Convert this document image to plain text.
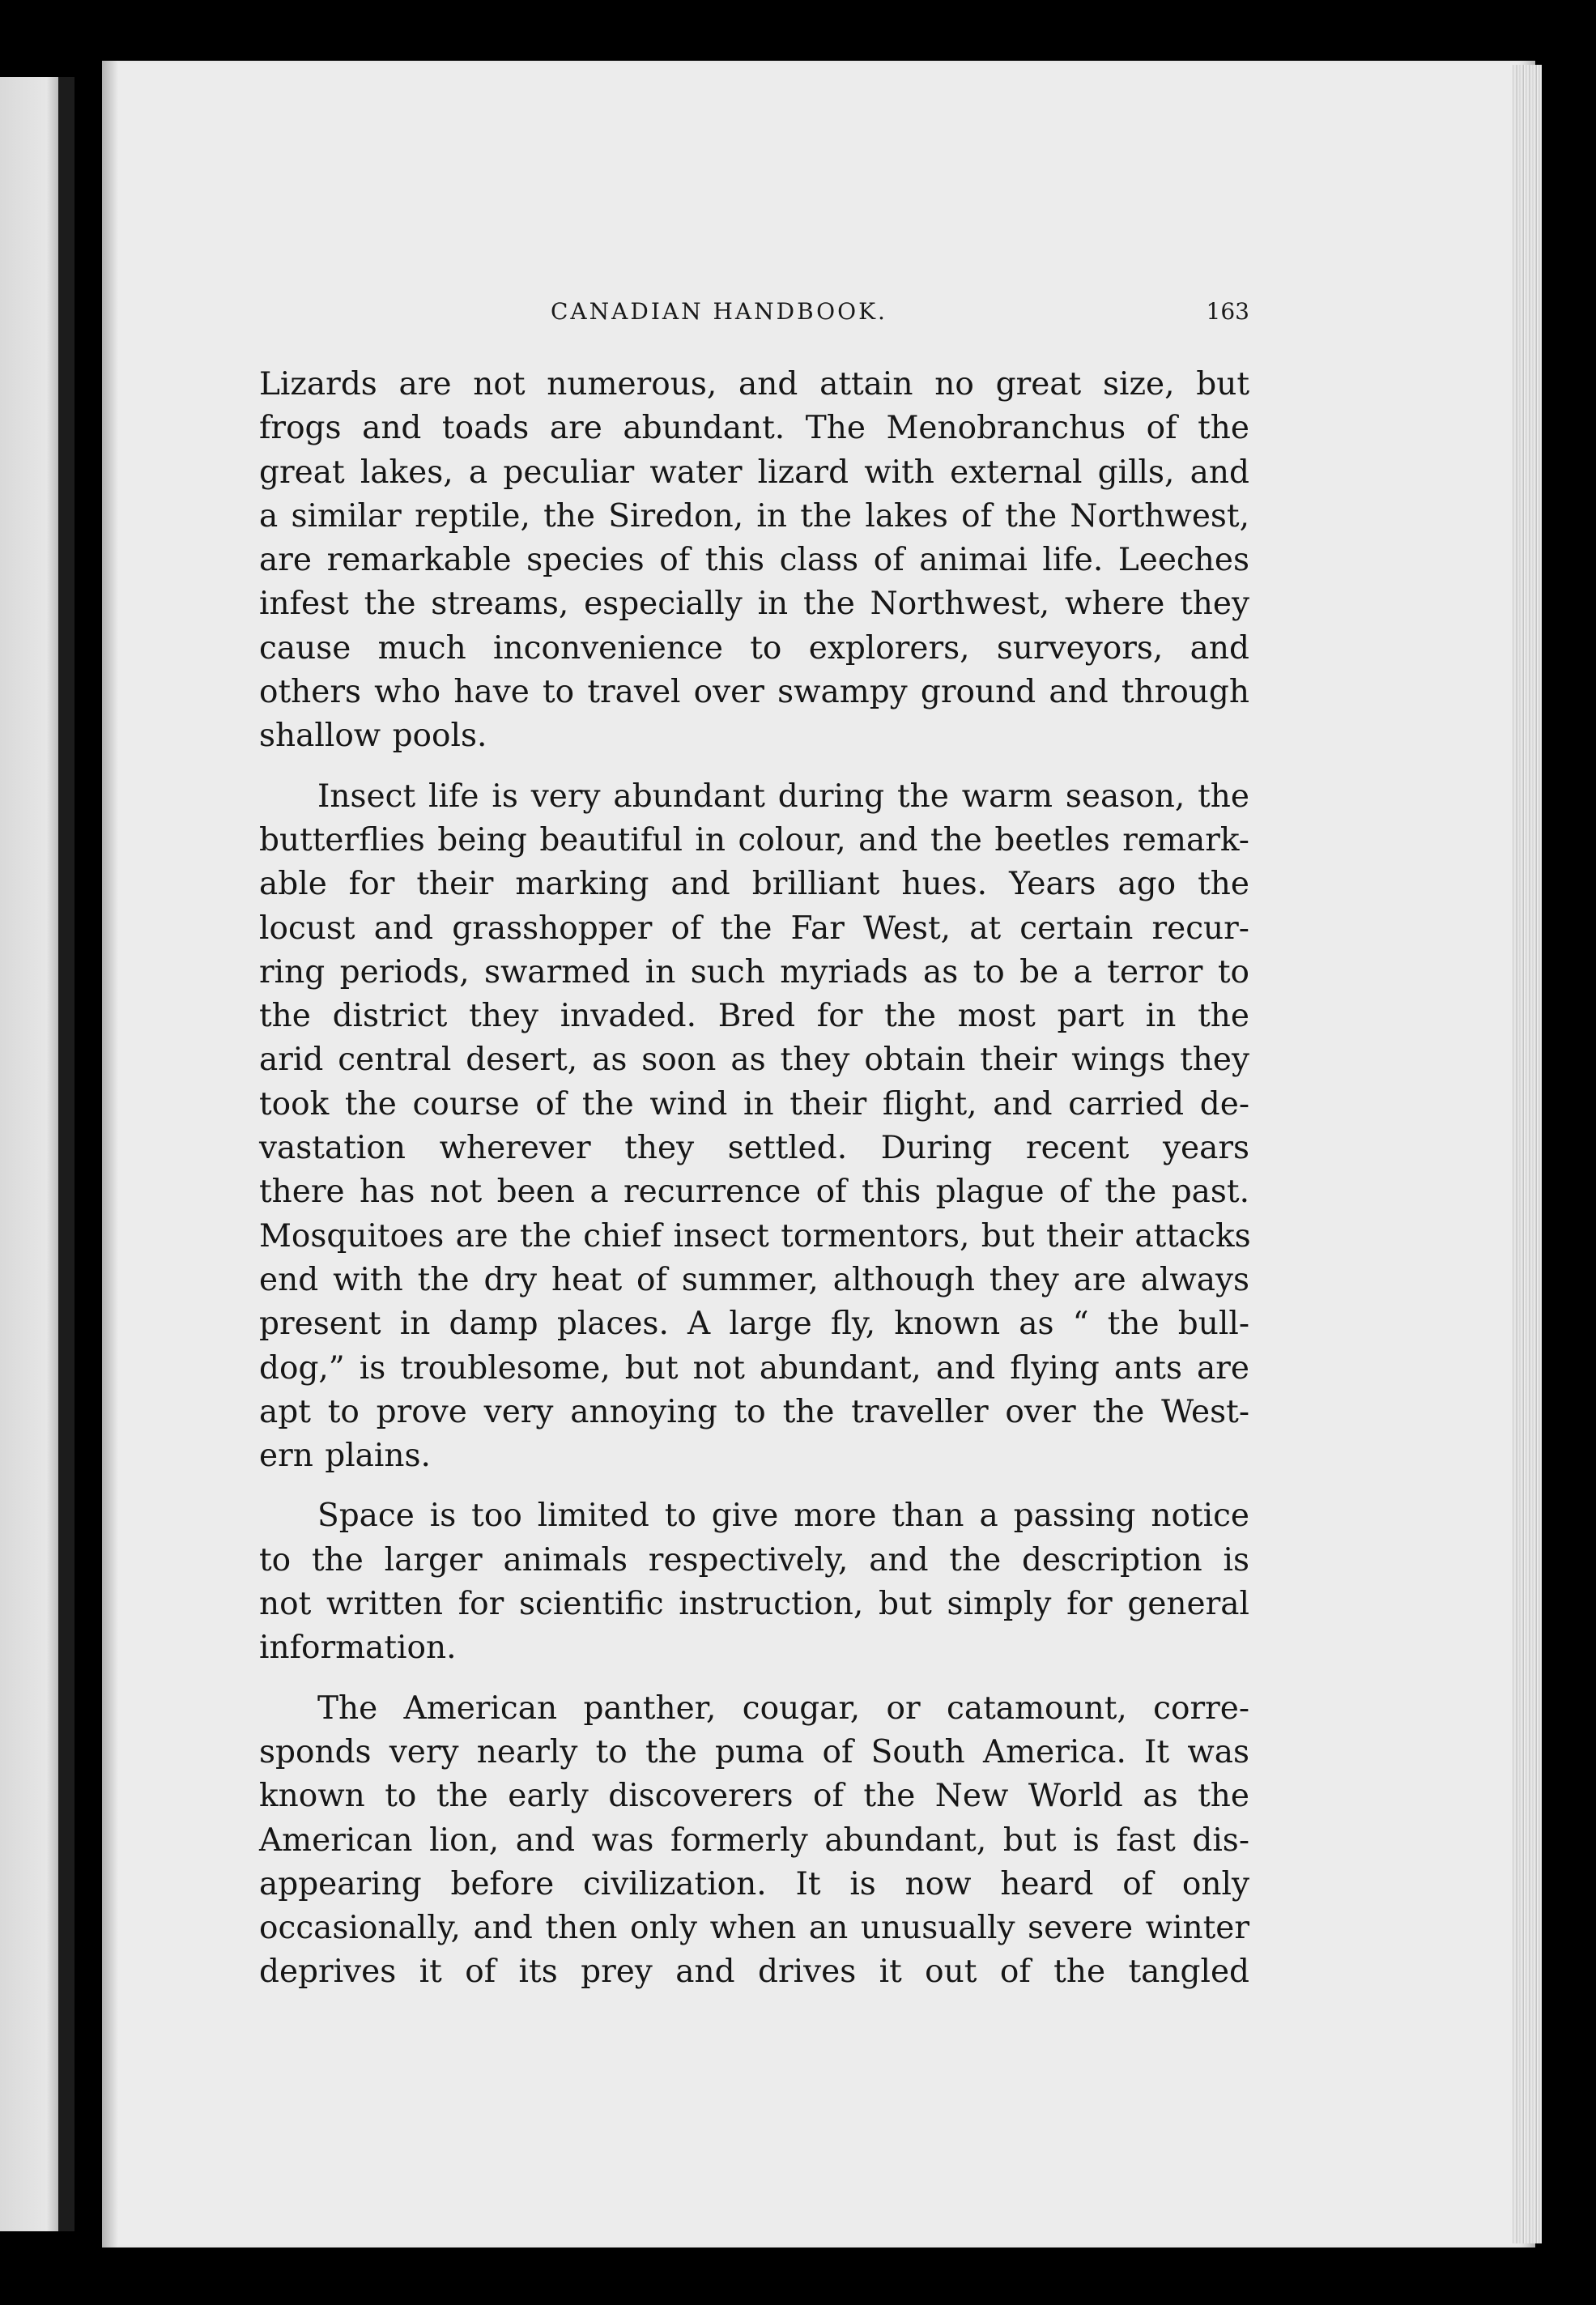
CANADIAN HANDBOOK.	163

Lizards are not numerous, and attain no great size, but
frogs and toads are abundant. The Menobranchus of the
great lakes, a peculiar water lizard with external gills, and
a similar reptile, the Siredon, in the lakes of the Northwest,
are remarkable species of this class of animai life. Leeches
infest the streams, especially in the Northwest, where they
cause much inconvenience to explorers, surveyors, and
others who have to travel over swampy ground and through
shallow pools.

Insect life is very abundant during the warm season, the
butterflies being beautiful in colour, and the beetles remark-
able for their marking and brilliant hues. Years ago the
locust and grasshopper of the Far West, at certain recur-
ring periods, swarmed in such myriads as to be a terror to
the district they invaded. Bred for the most part in the
arid central desert, as soon as they obtain their wings they
took the course of the wind in their flight, and carried de-
vastation wherever they settled. During recent years
there has not been a recurrence of this plague of the past.
Mosquitoes are the chief insect tormentors, but their attacks
end with the dry heat of summer, although they are always
present in damp places. A large fly, known as “ the bull-
dog,” is troublesome, but not abundant, and flying ants are
apt to prove very annoying to the traveller over the West-
ern plains.

Space is too limited to give more than a passing notice
to the larger animals respectively, and the description is
not written for scientific instruction, but simply for general
information.

The American panther, cougar, or catamount, corre-
sponds very nearly to the puma of South America. It was
known to the early discoverers of the New World as the
American lion, and was formerly abundant, but is fast dis-
appearing before civilization. It is now heard of only
occasionally, and then only when an unusually severe winter
deprives it of its prey and drives it out of the tangled
